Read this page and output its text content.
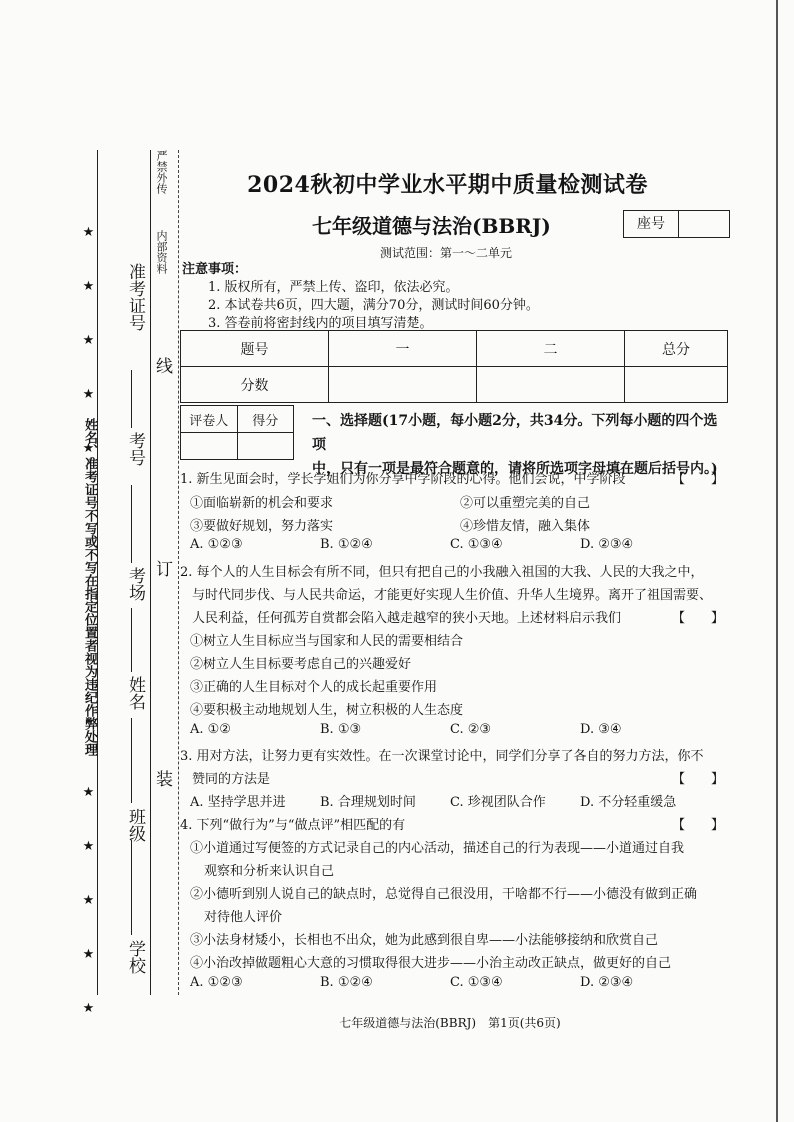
★ ★ ★ ★ ★
★ ★ ★ ★ ★
姓名、准考证号不写或不写在指定位置者视为违纪作弊处理
学校
班级
姓名
考场
考号
准考证号
装
订
线
内部资料
严禁外传	2024秋初中学业水平期中质量检测试卷
七年级道德与法治(BBRJ)	座号
测试范围：第一～二单元
注意事项：
1. 版权所有，严禁上传、盗印，依法必究。
2. 本试卷共6页，四大题，满分70分，测试时间60分钟。
3. 答卷前将密封线内的项目填写清楚。
题号	一	二	总分
分数			
评卷人	得分
	一、选择题(17小题，每小题2分，共34分。下列每小题的四个选项
中，只有一项是最符合题意的，请将所选项字母填在题后括号内。)
1. 新生见面会时，学长学姐们为你分享中学阶段的心得。他们会说，中学阶段	【　　】
①面临崭新的机会和要求	②可以重塑完美的自己
③要做好规划，努力落实	④珍惜友情，融入集体
A. ①②③	B. ①②④	C. ①③④	D. ②③④
2. 每个人的人生目标会有所不同，但只有把自己的小我融入祖国的大我、人民的大我之中，
与时代同步伐、与人民共命运，才能更好实现人生价值、升华人生境界。离开了祖国需要、
人民利益，任何孤芳自赏都会陷入越走越窄的狭小天地。上述材料启示我们	【　　】
①树立人生目标应当与国家和人民的需要相结合
②树立人生目标要考虑自己的兴趣爱好
③正确的人生目标对个人的成长起重要作用
④要积极主动地规划人生，树立积极的人生态度
A. ①②	B. ①③	C. ②③	D. ③④
3. 用对方法，让努力更有实效性。在一次课堂讨论中，同学们分享了各自的努力方法，你不
赞同的方法是	【　　】
A. 坚持学思并进	B. 合理规划时间	C. 珍视团队合作	D. 不分轻重缓急
4. 下列“做行为”与“做点评”相匹配的有	【　　】
①小道通过写便签的方式记录自己的内心活动，描述自己的行为表现——小道通过自我
观察和分析来认识自己
②小德听到别人说自己的缺点时，总觉得自己很没用，干啥都不行——小德没有做到正确
对待他人评价
③小法身材矮小，长相也不出众，她为此感到很自卑——小法能够接纳和欣赏自己
④小治改掉做题粗心大意的习惯取得很大进步——小治主动改正缺点，做更好的自己
A. ①②③	B. ①②④	C. ①③④	D. ②③④
七年级道德与法治(BBRJ)　第1页(共6页)
